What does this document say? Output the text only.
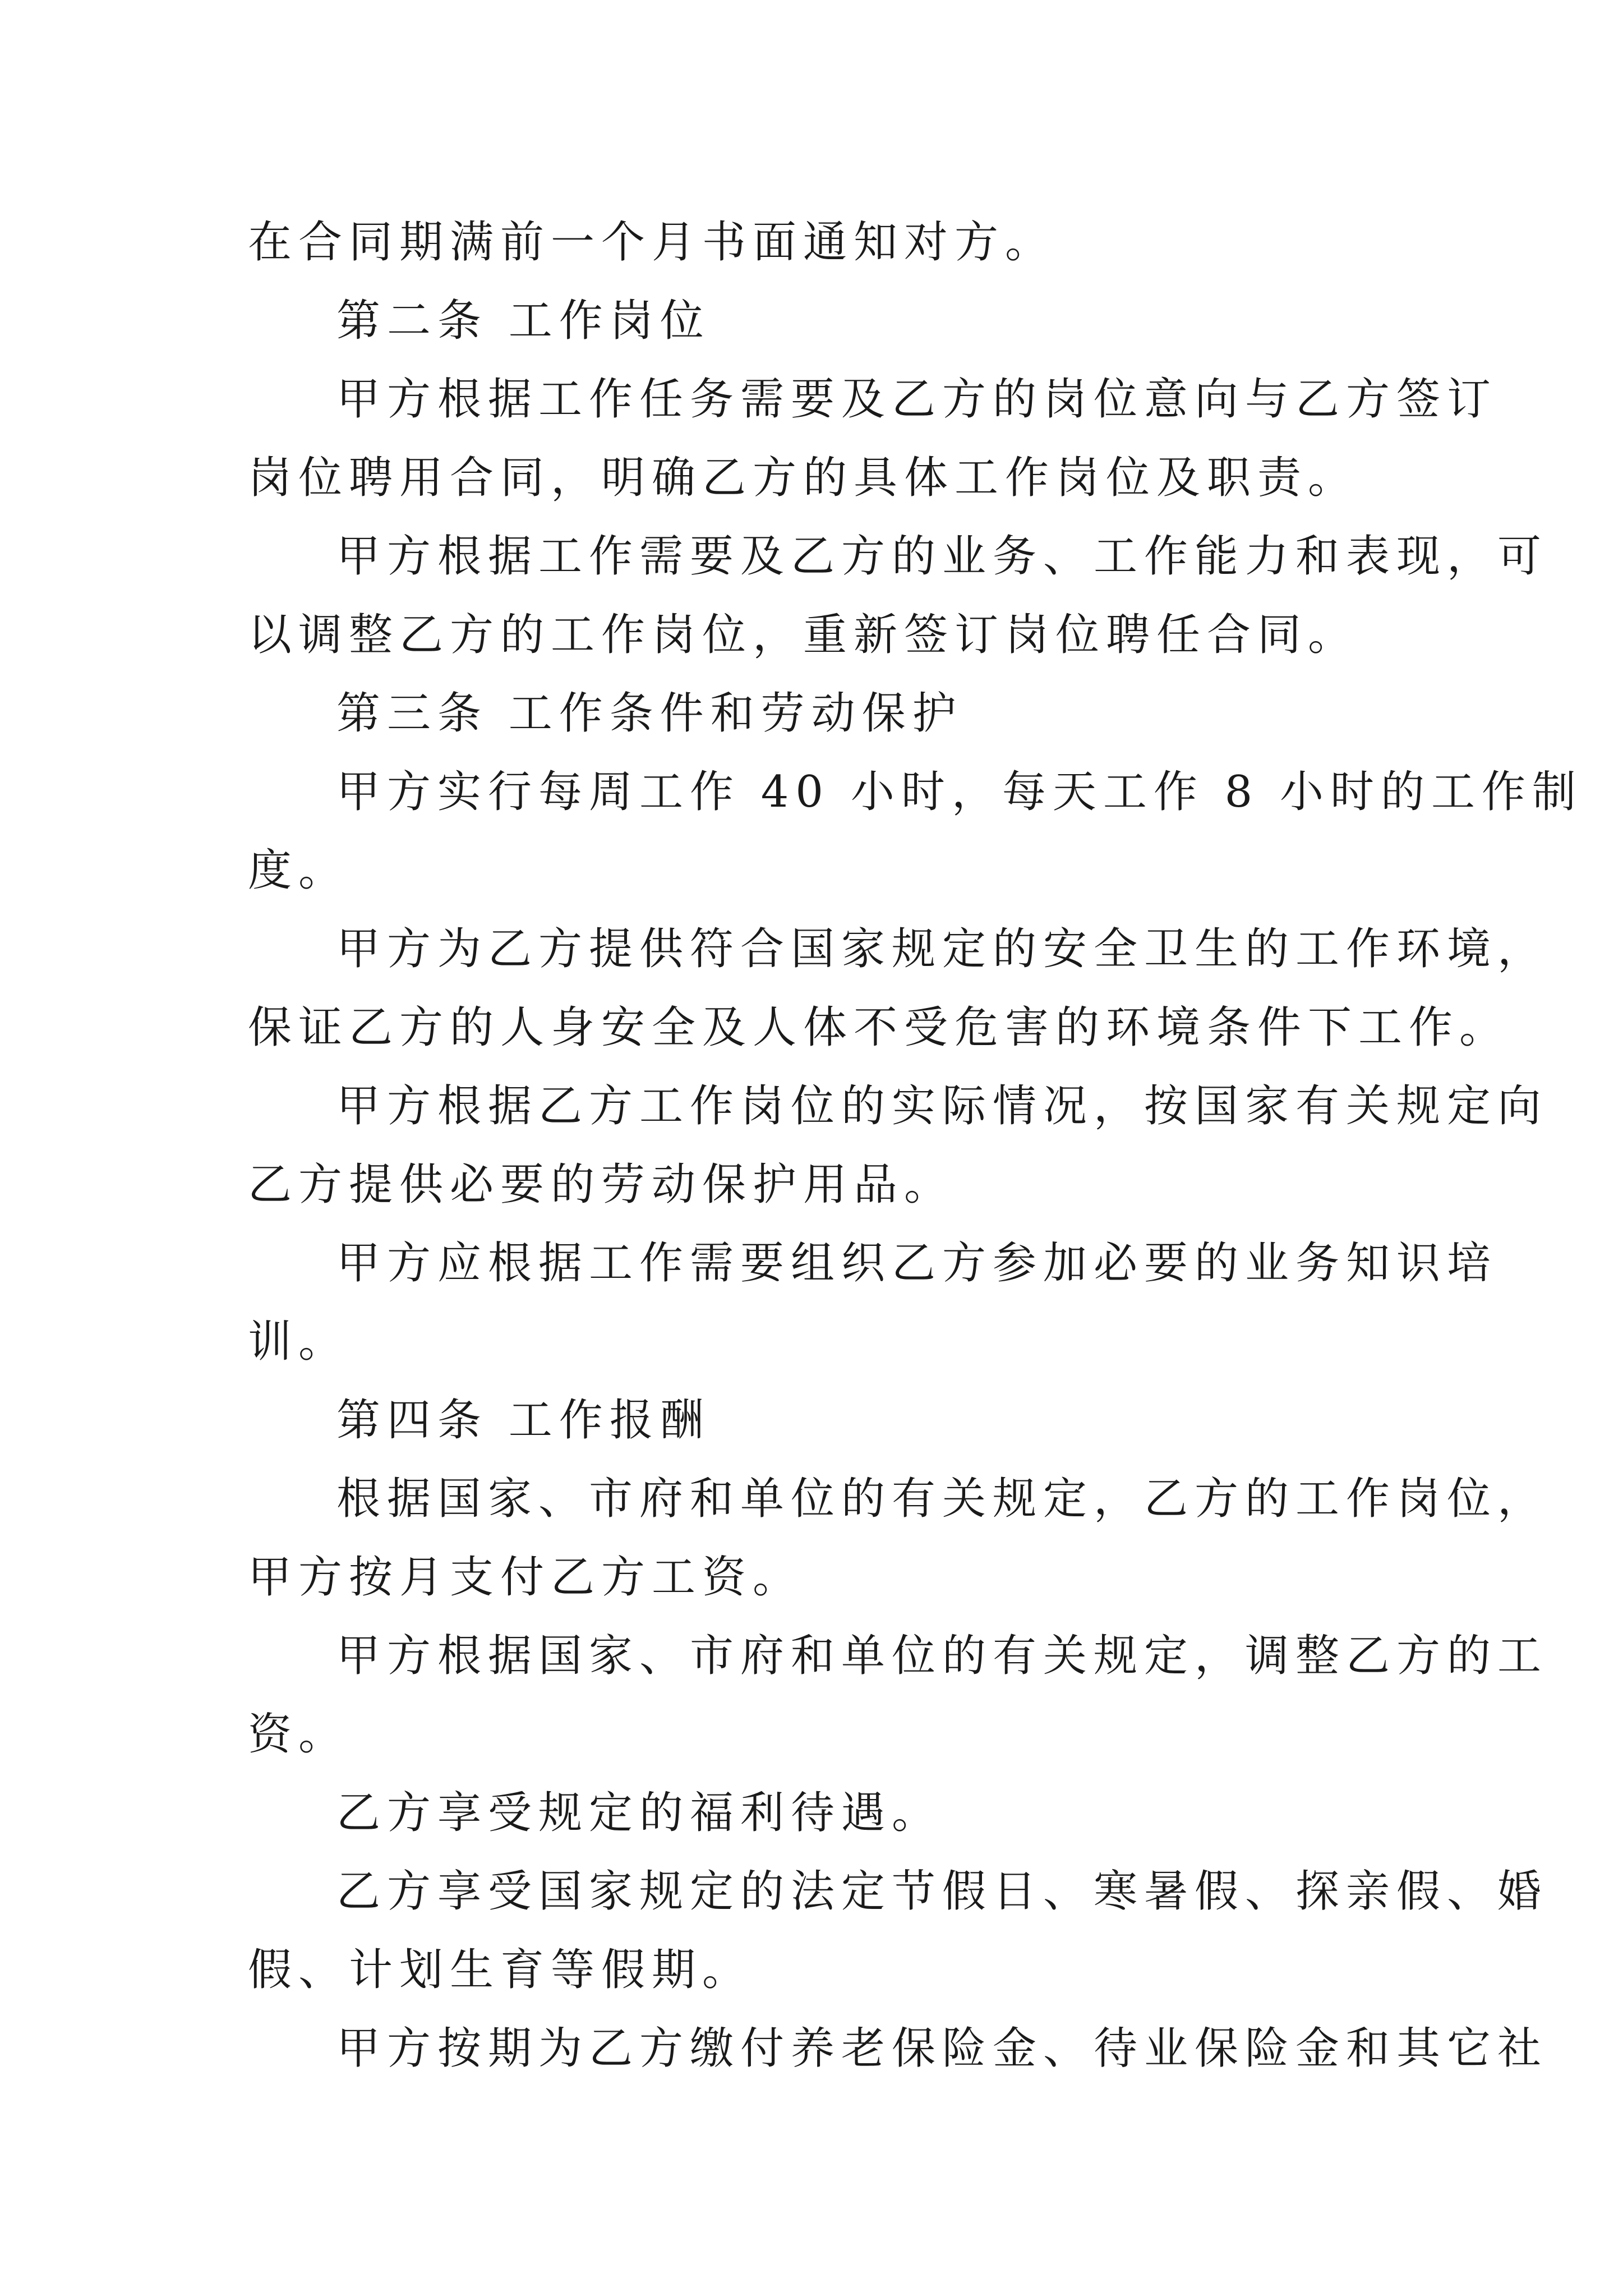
在合同期满前一个月书面通知对方。
第二条 工作岗位
甲方根据工作任务需要及乙方的岗位意向与乙方签订
岗位聘用合同，明确乙方的具体工作岗位及职责。
甲方根据工作需要及乙方的业务、工作能力和表现，可
以调整乙方的工作岗位，重新签订岗位聘任合同。
第三条 工作条件和劳动保护
甲方实行每周工作 40 小时，每天工作 8 小时的工作制
度。
甲方为乙方提供符合国家规定的安全卫生的工作环境，
保证乙方的人身安全及人体不受危害的环境条件下工作。
甲方根据乙方工作岗位的实际情况，按国家有关规定向
乙方提供必要的劳动保护用品。
甲方应根据工作需要组织乙方参加必要的业务知识培
训。
第四条 工作报酬
根据国家、市府和单位的有关规定，乙方的工作岗位，
甲方按月支付乙方工资。
甲方根据国家、市府和单位的有关规定，调整乙方的工
资。
乙方享受规定的福利待遇。
乙方享受国家规定的法定节假日、寒暑假、探亲假、婚
假、计划生育等假期。
甲方按期为乙方缴付养老保险金、待业保险金和其它社
